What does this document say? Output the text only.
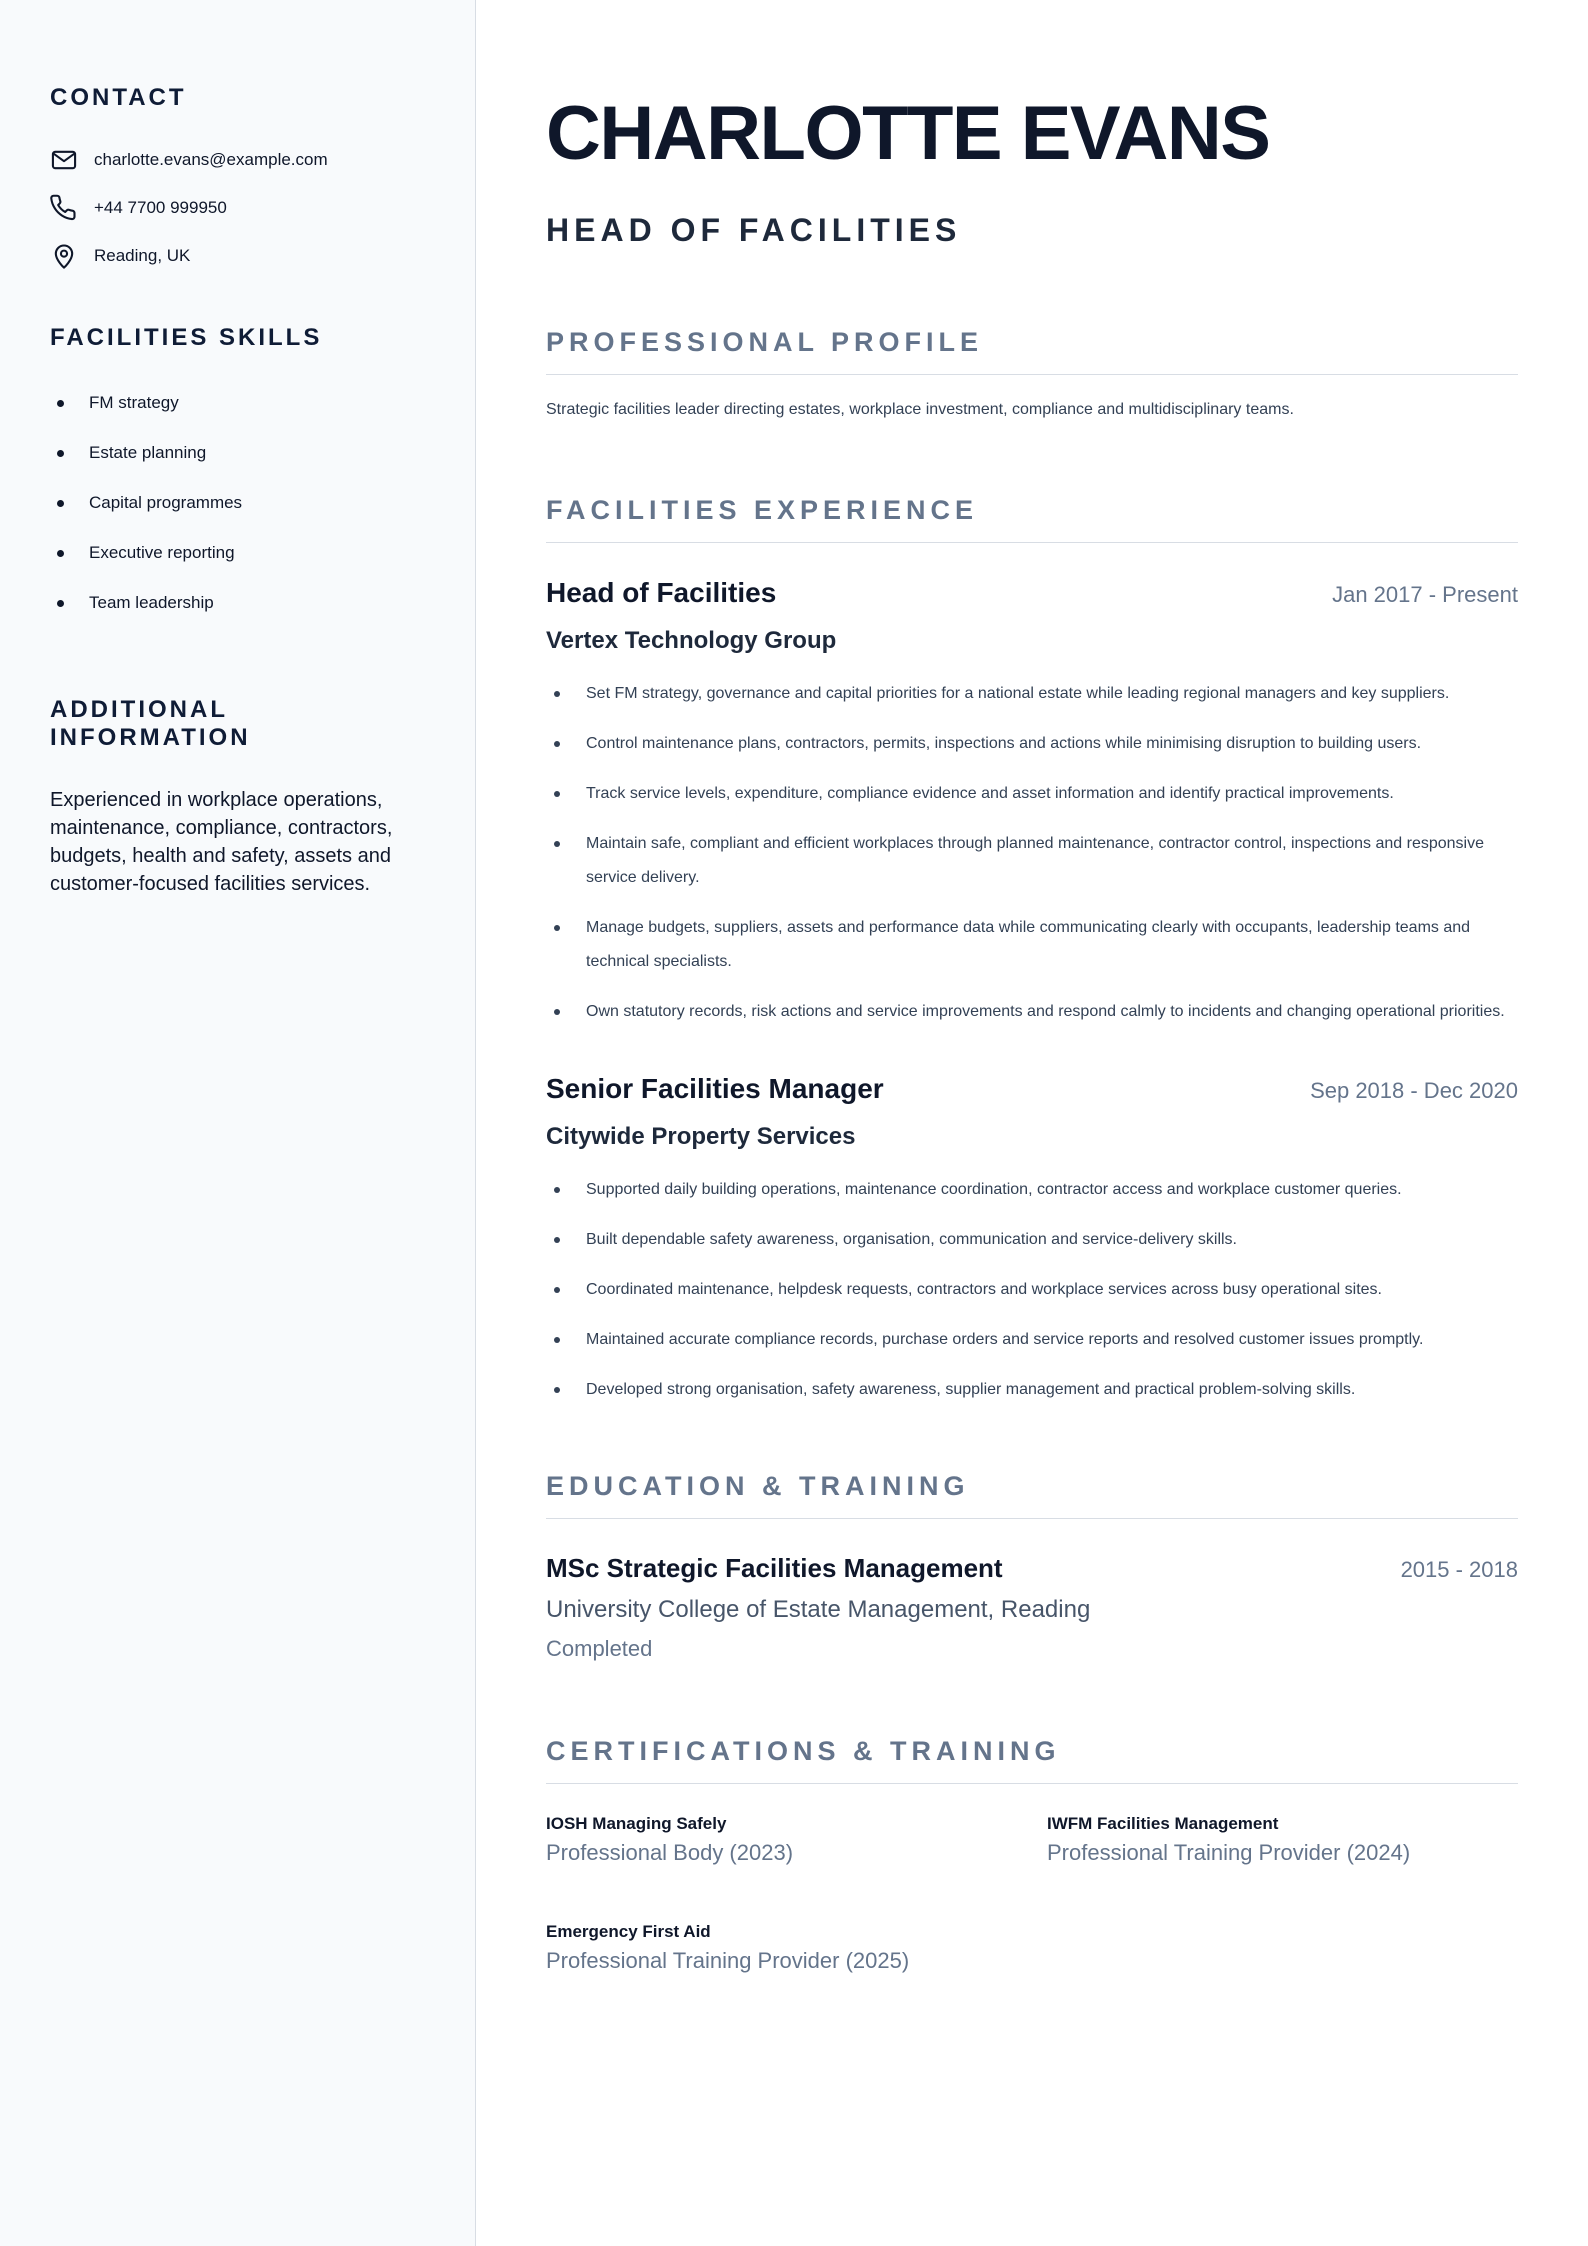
CONTACT
charlotte.evans@example.com
+44 7700 999950
Reading, UK
FACILITIES SKILLS
FM strategy
Estate planning
Capital programmes
Executive reporting
Team leadership
ADDITIONAL INFORMATION

Experienced in workplace operations, maintenance, compliance, contractors, budgets, health and safety, assets and customer-focused facilities services.

CHARLOTTE EVANS
HEAD OF FACILITIES
PROFESSIONAL PROFILE

Strategic facilities leader directing estates, workplace investment, compliance and multidisciplinary teams.

FACILITIES EXPERIENCE
Head of Facilities	Jan 2017 - Present
Vertex Technology Group
Set FM strategy, governance and capital priorities for a national estate while leading regional managers and key suppliers.
Control maintenance plans, contractors, permits, inspections and actions while minimising disruption to building users.
Track service levels, expenditure, compliance evidence and asset information and identify practical improvements.
Maintain safe, compliant and efficient workplaces through planned maintenance, contractor control, inspections and responsive service delivery.
Manage budgets, suppliers, assets and performance data while communicating clearly with occupants, leadership teams and technical specialists.
Own statutory records, risk actions and service improvements and respond calmly to incidents and changing operational priorities.
Senior Facilities Manager	Sep 2018 - Dec 2020
Citywide Property Services
Supported daily building operations, maintenance coordination, contractor access and workplace customer queries.
Built dependable safety awareness, organisation, communication and service-delivery skills.
Coordinated maintenance, helpdesk requests, contractors and workplace services across busy operational sites.
Maintained accurate compliance records, purchase orders and service reports and resolved customer issues promptly.
Developed strong organisation, safety awareness, supplier management and practical problem-solving skills.
EDUCATION & TRAINING
MSc Strategic Facilities Management	2015 - 2018
University College of Estate Management, Reading
Completed
CERTIFICATIONS & TRAINING
IOSH Managing Safely
Professional Body (2023)
IWFM Facilities Management
Professional Training Provider (2024)
Emergency First Aid
Professional Training Provider (2025)
